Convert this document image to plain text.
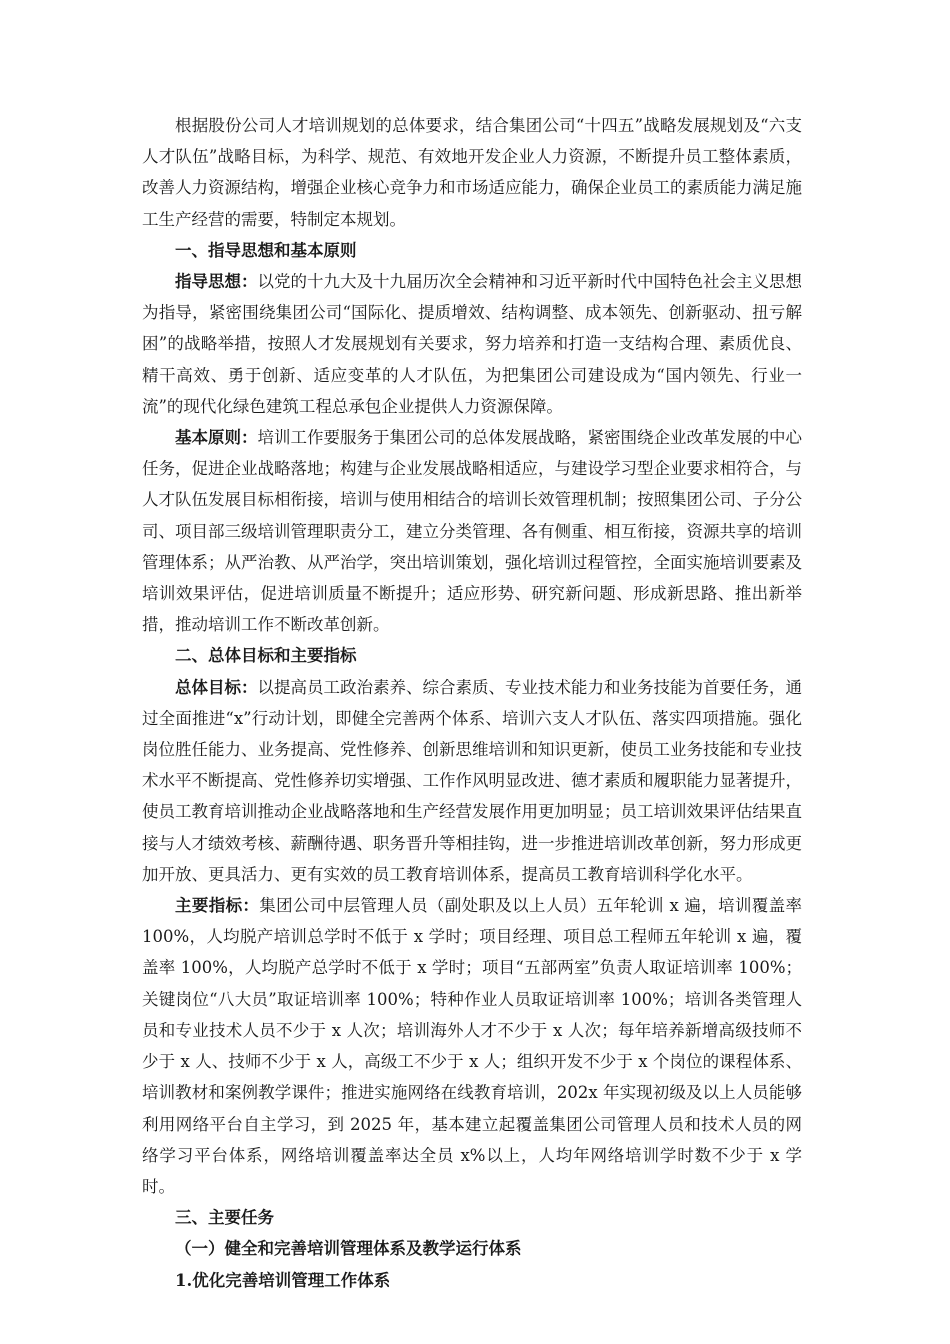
根据股份公司人才培训规划的总体要求，结合集团公司“十四五”战略发展规划及“六支人才队伍”战略目标，为科学、规范、有效地开发企业人力资源，不断提升员工整体素质，改善人力资源结构，增强企业核心竞争力和市场适应能力，确保企业员工的素质能力满足施工生产经营的需要，特制定本规划。

一、指导思想和基本原则

指导思想：以党的十九大及十九届历次全会精神和习近平新时代中国特色社会主义思想为指导，紧密围绕集团公司“国际化、提质增效、结构调整、成本领先、创新驱动、扭亏解困”的战略举措，按照人才发展规划有关要求，努力培养和打造一支结构合理、素质优良、精干高效、勇于创新、适应变革的人才队伍，为把集团公司建设成为“国内领先、行业一流”的现代化绿色建筑工程总承包企业提供人力资源保障。

基本原则：培训工作要服务于集团公司的总体发展战略，紧密围绕企业改革发展的中心任务，促进企业战略落地；构建与企业发展战略相适应，与建设学习型企业要求相符合，与人才队伍发展目标相衔接，培训与使用相结合的培训长效管理机制；按照集团公司、子分公司、项目部三级培训管理职责分工，建立分类管理、各有侧重、相互衔接，资源共享的培训管理体系；从严治教、从严治学，突出培训策划，强化培训过程管控，全面实施培训要素及培训效果评估，促进培训质量不断提升；适应形势、研究新问题、形成新思路、推出新举措，推动培训工作不断改革创新。

二、总体目标和主要指标

总体目标：以提高员工政治素养、综合素质、专业技术能力和业务技能为首要任务，通过全面推进“x”行动计划，即健全完善两个体系、培训六支人才队伍、落实四项措施。强化岗位胜任能力、业务提高、党性修养、创新思维培训和知识更新，使员工业务技能和专业技术水平不断提高、党性修养切实增强、工作作风明显改进、德才素质和履职能力显著提升，使员工教育培训推动企业战略落地和生产经营发展作用更加明显；员工培训效果评估结果直接与人才绩效考核、薪酬待遇、职务晋升等相挂钩，进一步推进培训改革创新，努力形成更加开放、更具活力、更有实效的员工教育培训体系，提高员工教育培训科学化水平。

主要指标：集团公司中层管理人员（副处职及以上人员）五年轮训 x 遍，培训覆盖率 100%，人均脱产培训总学时不低于 x 学时；项目经理、项目总工程师五年轮训 x 遍，覆盖率 100%，人均脱产总学时不低于 x 学时；项目“五部两室”负责人取证培训率 100%；关键岗位“八大员”取证培训率 100%；特种作业人员取证培训率 100%；培训各类管理人员和专业技术人员不少于 x 人次；培训海外人才不少于 x 人次；每年培养新增高级技师不少于 x 人、技师不少于 x 人，高级工不少于 x 人；组织开发不少于 x 个岗位的课程体系、培训教材和案例教学课件；推进实施网络在线教育培训，202x 年实现初级及以上人员能够利用网络平台自主学习，到 2025 年，基本建立起覆盖集团公司管理人员和技术人员的网络学习平台体系，网络培训覆盖率达全员 x%以上，人均年网络培训学时数不少于 x 学时。

三、主要任务

（一）健全和完善培训管理体系及教学运行体系

1.优化完善培训管理工作体系
